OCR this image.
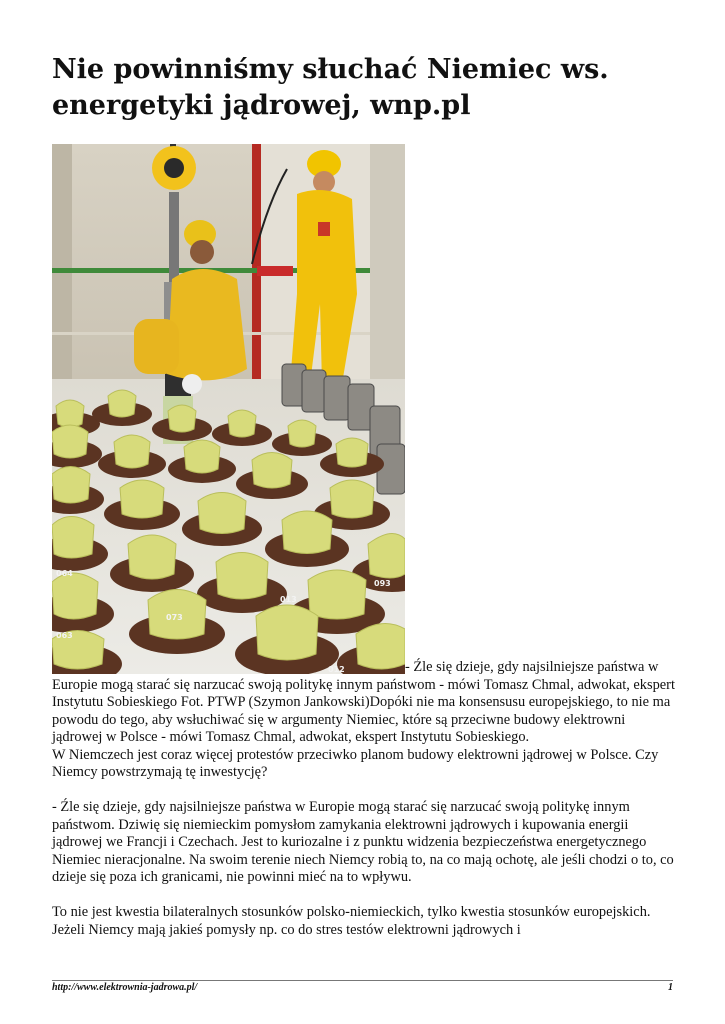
Nie powinniśmy słuchać Niemiec ws. energetyki jądrowej, wnp.pl
064
063
073
013
012
093
- Źle się dzieje, gdy najsilniejsze państwa w Europie mogą starać się narzucać swoją politykę innym państwom - mówi Tomasz Chmal, adwokat, ekspert Instytutu Sobieskiego Fot. PTWP (Szymon Jankowski)Dopóki nie ma konsensusu europejskiego, to nie ma powodu do tego, aby wsłuchiwać się w argumenty Niemiec, które są przeciwne budowy elektrowni jądrowej w Polsce - mówi Tomasz Chmal, adwokat, ekspert Instytutu Sobieskiego.

W Niemczech jest coraz więcej protestów przeciwko planom budowy elektrowni jądrowej w Polsce. Czy Niemcy powstrzymają tę inwestycję?

- Źle się dzieje, gdy najsilniejsze państwa w Europie mogą starać się narzucać swoją politykę innym państwom. Dziwię się niemieckim pomysłom zamykania elektrowni jądrowych i kupowania energii jądrowej we Francji i Czechach. Jest to kuriozalne i z punktu widzenia bezpieczeństwa energetycznego Niemiec nieracjonalne. Na swoim terenie niech Niemcy robią to, na co mają ochotę, ale jeśli chodzi o to, co dzieje się poza ich granicami, nie powinni mieć na to wpływu.

To nie jest kwestia bilateralnych stosunków polsko-niemieckich, tylko kwestia stosunków europejskich. Jeżeli Niemcy mają jakieś pomysły np. co do stres testów elektrowni jądrowych i

http://www.elektrownia-jadrowa.pl/	1
